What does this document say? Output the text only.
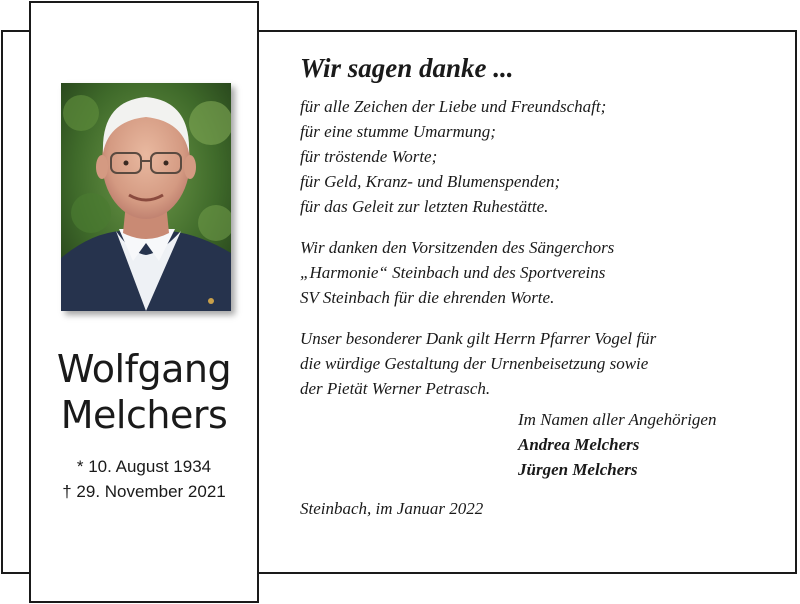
Wolfgang
Melchers
* 10. August 1934
† 29. November 2021
Wir sagen danke ...
für alle Zeichen der Liebe und Freundschaft;
für eine stumme Umarmung;
für tröstende Worte;
für Geld, Kranz- und Blumenspenden;
für das Geleit zur letzten Ruhestätte.
Wir danken den Vorsitzenden des Sängerchors
„Harmonie“ Steinbach und des Sportvereins
SV Steinbach für die ehrenden Worte.
Unser besonderer Dank gilt Herrn Pfarrer Vogel für
die würdige Gestaltung der Urnenbeisetzung sowie
der Pietät Werner Petrasch.
Im Namen aller Angehörigen
Andrea Melchers
Jürgen Melchers
Steinbach, im Januar 2022
